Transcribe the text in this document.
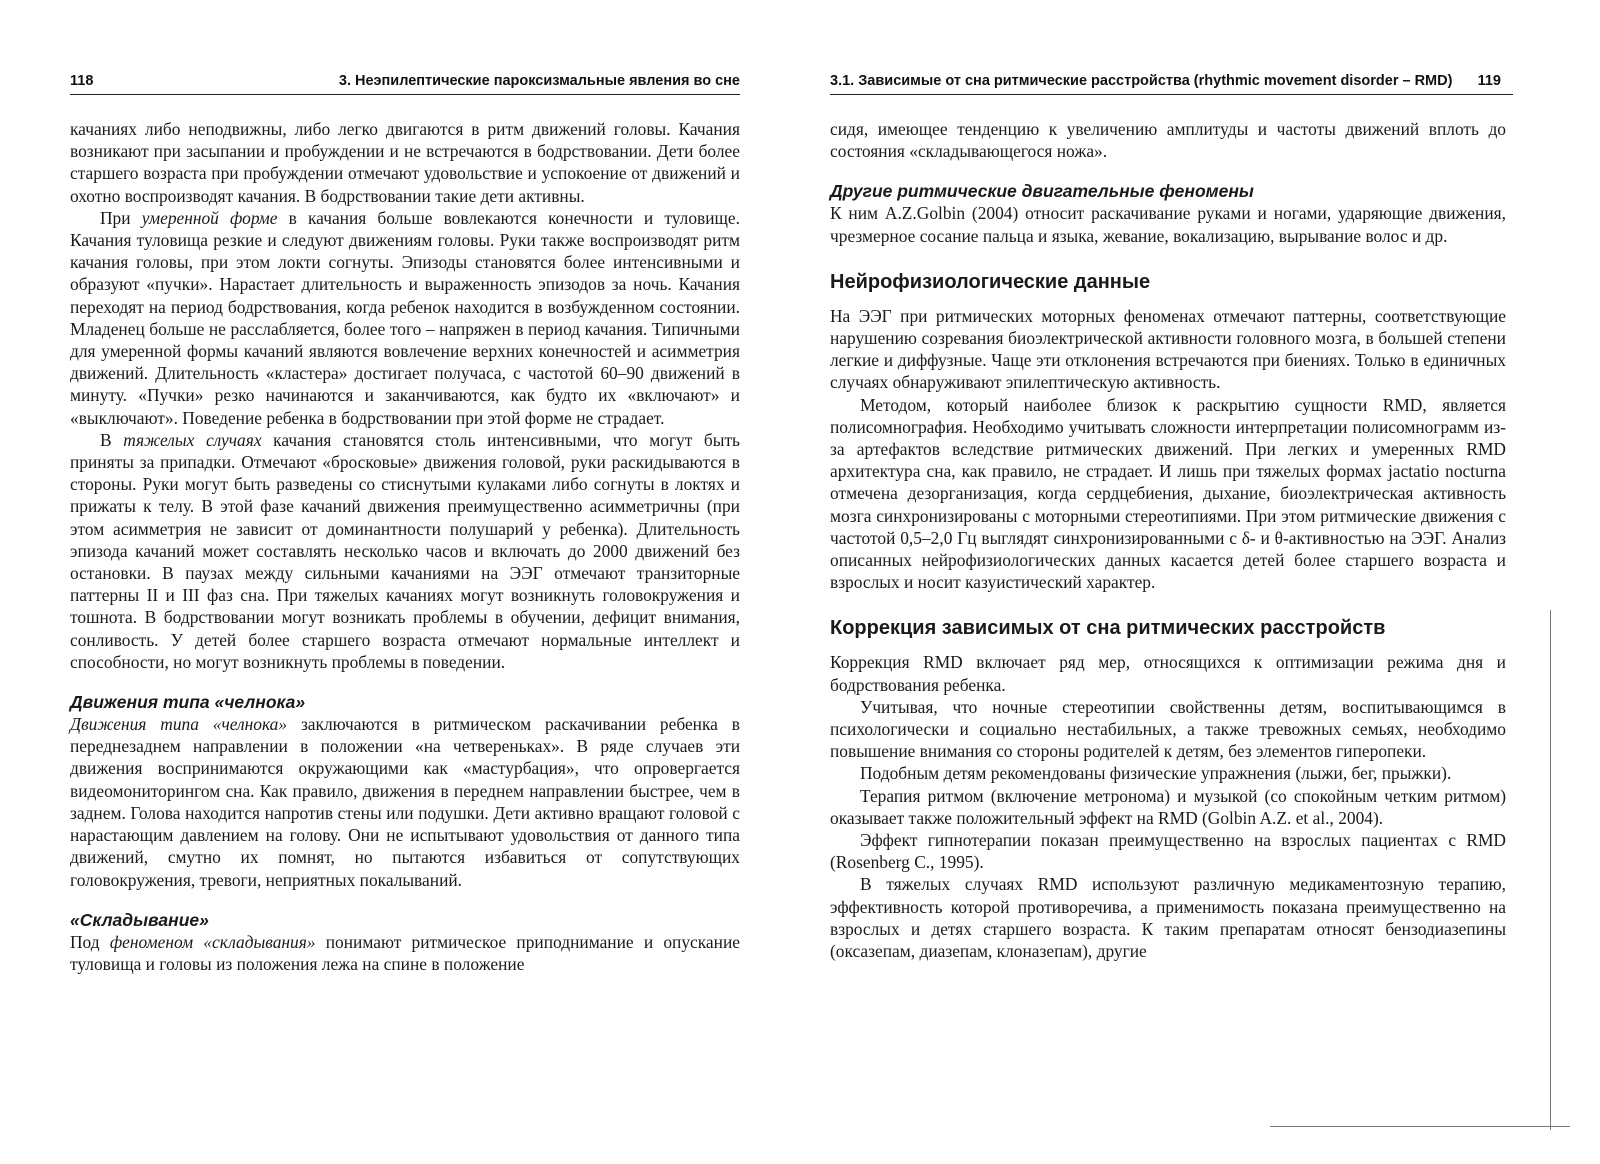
118	3. Неэпилептические пароксизмальные явления во сне

качаниях либо неподвижны, либо легко двигаются в ритм движений головы. Качания возникают при засыпании и пробуждении и не встречаются в бодрствовании. Дети более старшего возраста при пробуждении отмечают удовольствие и успокоение от движений и охотно воспроизводят качания. В бодрствовании такие дети активны.

При умеренной форме в качания больше вовлекаются конечности и туловище. Качания туловища резкие и следуют движениям головы. Руки также воспроизводят ритм качания головы, при этом локти согнуты. Эпизоды становятся более интенсивными и образуют «пучки». Нарастает длительность и выраженность эпизодов за ночь. Качания переходят на период бодрствования, когда ребенок находится в возбужденном состоянии. Младенец больше не расслабляется, более того – напряжен в период качания. Типичными для умеренной формы качаний являются вовлечение верхних конечностей и асимметрия движений. Длительность «кластера» достигает получаса, с частотой 60–90 движений в минуту. «Пучки» резко начинаются и заканчиваются, как будто их «включают» и «выключают». Поведение ребенка в бодрствовании при этой форме не страдает.

В тяжелых случаях качания становятся столь интенсивными, что могут быть приняты за припадки. Отмечают «бросковые» движения головой, руки раскидываются в стороны. Руки могут быть разведены со стиснутыми кулаками либо согнуты в локтях и прижаты к телу. В этой фазе качаний движения преимущественно асимметричны (при этом асимметрия не зависит от доминантности полушарий у ребенка). Длительность эпизода качаний может составлять несколько часов и включать до 2000 движений без остановки. В паузах между сильными качаниями на ЭЭГ отмечают транзиторные паттерны II и III фаз сна. При тяжелых качаниях могут возникнуть головокружения и тошнота. В бодрствовании могут возникать проблемы в обучении, дефицит внимания, сонливость. У детей более старшего возраста отмечают нормальные интеллект и способности, но могут возникнуть проблемы в поведении.

Движения типа «челнока»

Движения типа «челнока» заключаются в ритмическом раскачивании ребенка в переднезаднем направлении в положении «на четвереньках». В ряде случаев эти движения воспринимаются окружающими как «мастурбация», что опровергается видеомониторингом сна. Как правило, движения в переднем направлении быстрее, чем в заднем. Голова находится напротив стены или подушки. Дети активно вращают головой с нарастающим давлением на голову. Они не испытывают удовольствия от данного типа движений, смутно их помнят, но пытаются избавиться от сопутствующих головокружения, тревоги, неприятных покалываний.

«Складывание»

Под феноменом «складывания» понимают ритмическое приподнимание и опускание туловища и головы из положения лежа на спине в положение

3.1. Зависимые от сна ритмические расстройства (rhythmic movement disorder – RMD) 119

сидя, имеющее тенденцию к увеличению амплитуды и частоты движений вплоть до состояния «складывающегося ножа».

Другие ритмические двигательные феномены

К ним A.Z.Golbin (2004) относит раскачивание руками и ногами, ударяющие движения, чрезмерное сосание пальца и языка, жевание, вокализацию, вырывание волос и др.

Нейрофизиологические данные

На ЭЭГ при ритмических моторных феноменах отмечают паттерны, соответствующие нарушению созревания биоэлектрической активности головного мозга, в большей степени легкие и диффузные. Чаще эти отклонения встречаются при биениях. Только в единичных случаях обнаруживают эпилептическую активность.

Методом, который наиболее близок к раскрытию сущности RMD, является полисомнография. Необходимо учитывать сложности интерпретации полисомнограмм из-за артефактов вследствие ритмических движений. При легких и умеренных RMD архитектура сна, как правило, не страдает. И лишь при тяжелых формах jactatio nocturna отмечена дезорганизация, когда сердцебиения, дыхание, биоэлектрическая активность мозга синхронизированы с моторными стереотипиями. При этом ритмические движения с частотой 0,5–2,0 Гц выглядят синхронизированными с δ- и θ-активностью на ЭЭГ. Анализ описанных нейрофизиологических данных касается детей более старшего возраста и взрослых и носит казуистический характер.

Коррекция зависимых от сна ритмических расстройств

Коррекция RMD включает ряд мер, относящихся к оптимизации режима дня и бодрствования ребенка.

Учитывая, что ночные стереотипии свойственны детям, воспитывающимся в психологически и социально нестабильных, а также тревожных семьях, необходимо повышение внимания со стороны родителей к детям, без элементов гиперопеки.

Подобным детям рекомендованы физические упражнения (лыжи, бег, прыжки).

Терапия ритмом (включение метронома) и музыкой (со спокойным четким ритмом) оказывает также положительный эффект на RMD (Golbin A.Z. et al., 2004).

Эффект гипнотерапии показан преимущественно на взрослых пациентах с RMD (Rosenberg C., 1995).

В тяжелых случаях RMD используют различную медикаментозную терапию, эффективность которой противоречива, а применимость показана преимущественно на взрослых и детях старшего возраста. К таким препаратам относят бензодиазепины (оксазепам, диазепам, клоназепам), другие
